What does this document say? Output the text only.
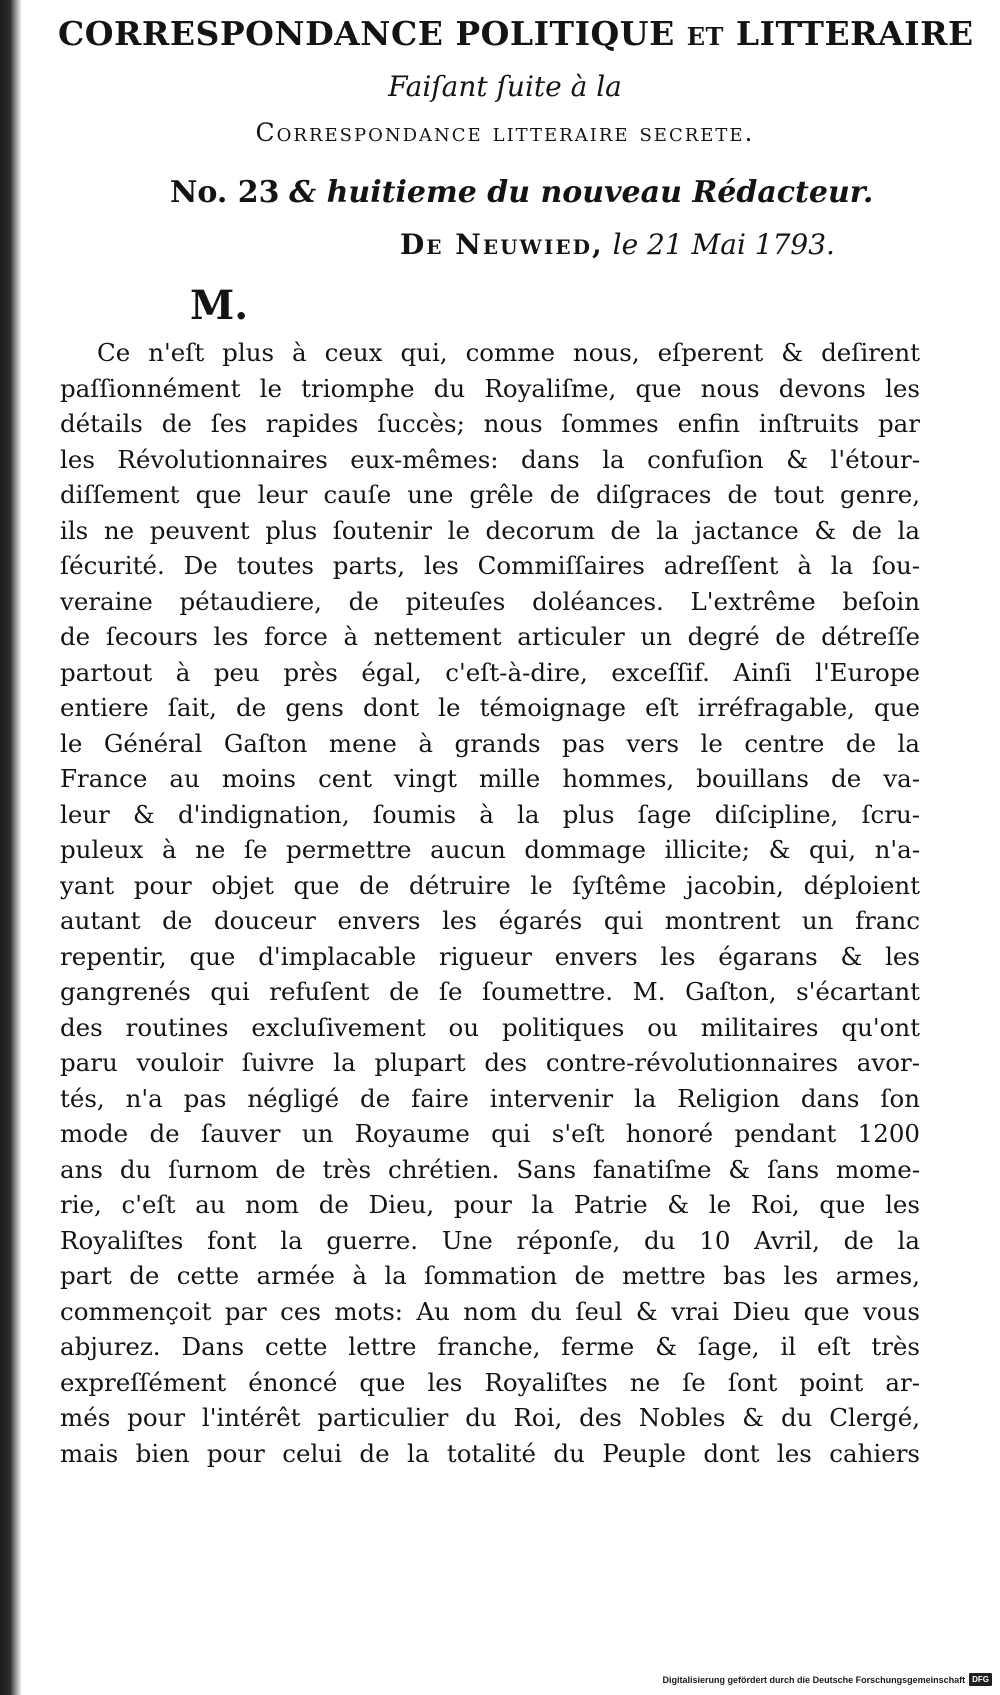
CORRESPONDANCE POLITIQUE ET LITTERAIRE
Faiſant ſuite à la
Correspondance litteraire secrete.
No. 23 & huitieme du nouveau Rédacteur.
De Neuwied, le 21 Mai 1793.
M.
Ce n'eſt plus à ceux qui, comme nous, eſperent & deſirent
paſſionnément le triomphe du Royaliſme, que nous devons les
détails de ſes rapides ſuccès; nous ſommes enfin inſtruits par
les Révolutionnaires eux-mêmes: dans la confuſion & l'étour-
diſſement que leur cauſe une grêle de diſgraces de tout genre,
ils ne peuvent plus ſoutenir le decorum de la jactance & de la
ſécurité. De toutes parts, les Commiſſaires adreſſent à la ſou-
veraine pétaudiere, de piteuſes doléances. L'extrême beſoin
de ſecours les force à nettement articuler un degré de détreſſe
partout à peu près égal, c'eſt-à-dire, exceſſif. Ainſi l'Europe
entiere ſait, de gens dont le témoignage eſt irréfragable, que
le Général Gaſton mene à grands pas vers le centre de la
France au moins cent vingt mille hommes, bouillans de va-
leur & d'indignation, ſoumis à la plus ſage diſcipline, ſcru-
puleux à ne ſe permettre aucun dommage illicite; & qui, n'a-
yant pour objet que de détruire le ſyſtême jacobin, déploient
autant de douceur envers les égarés qui montrent un franc
repentir, que d'implacable rigueur envers les égarans & les
gangrenés qui refuſent de ſe ſoumettre. M. Gaſton, s'écartant
des routines excluſivement ou politiques ou militaires qu'ont
paru vouloir ſuivre la plupart des contre-révolutionnaires avor-
tés, n'a pas négligé de faire intervenir la Religion dans ſon
mode de ſauver un Royaume qui s'eſt honoré pendant 1200
ans du ſurnom de très chrétien. Sans fanatiſme & ſans mome-
rie, c'eſt au nom de Dieu, pour la Patrie & le Roi, que les
Royaliſtes font la guerre. Une réponſe, du 10 Avril, de la
part de cette armée à la ſommation de mettre bas les armes,
commençoit par ces mots: Au nom du ſeul & vrai Dieu que vous
abjurez. Dans cette lettre franche, ferme & ſage, il eſt très
expreſſément énoncé que les Royaliſtes ne ſe ſont point ar-
més pour l'intérêt particulier du Roi, des Nobles & du Clergé,
mais bien pour celui de la totalité du Peuple dont les cahiers
Digitalisierung gefördert durch die Deutsche Forschungsgemeinschaft DFG
